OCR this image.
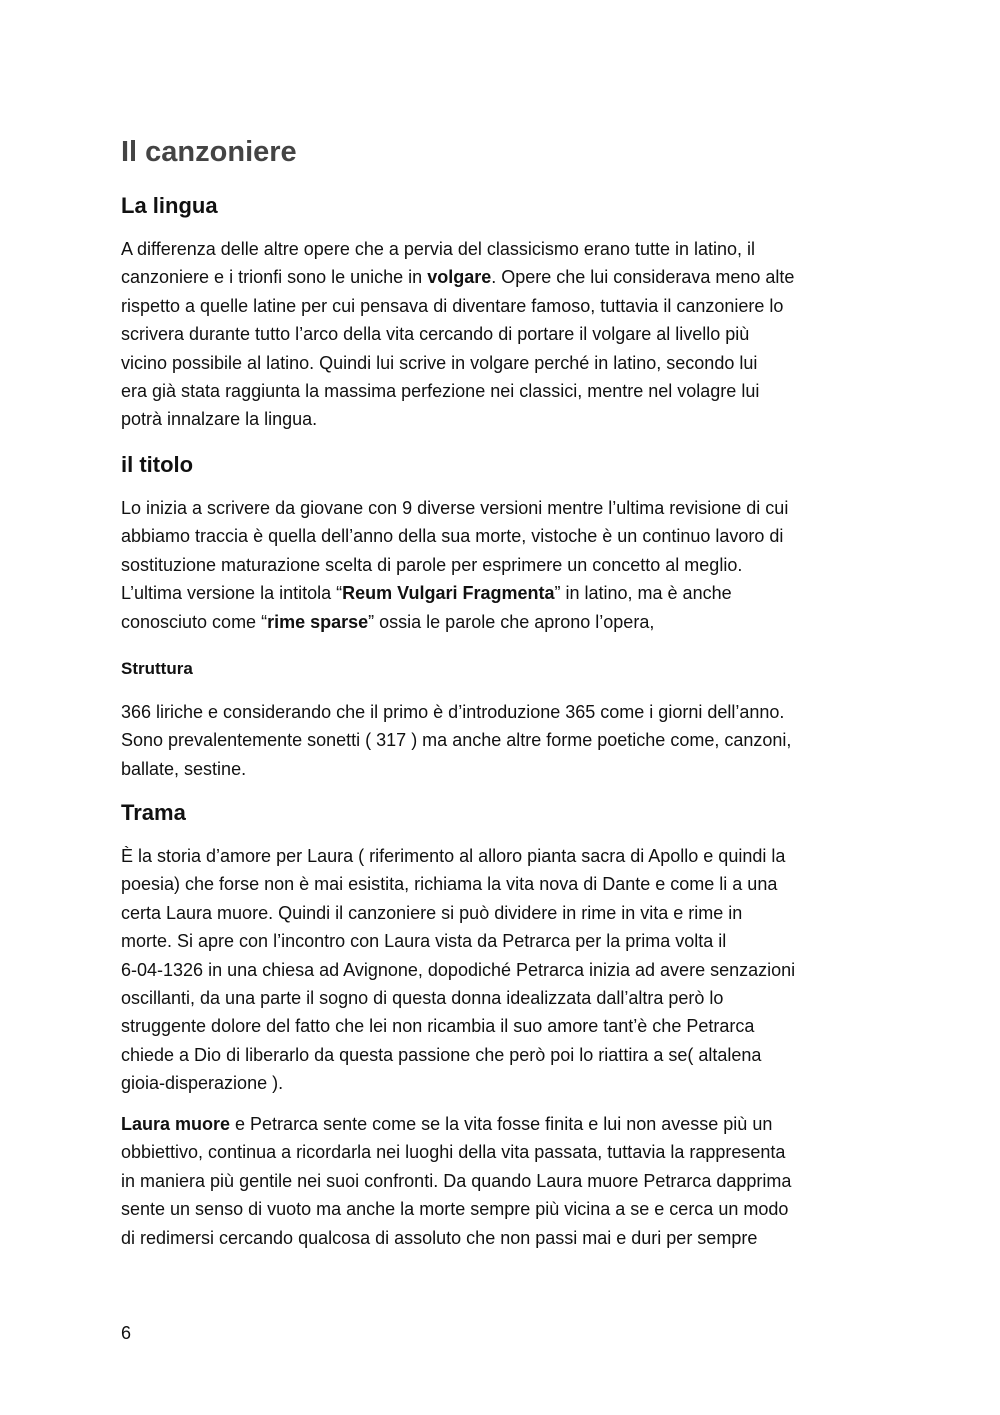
Il canzoniere
La lingua
A differenza delle altre opere che a pervia del classicismo erano tutte in latino, il
canzoniere e i trionfi sono le uniche in volgare. Opere che lui considerava meno alte
rispetto a quelle latine per cui pensava di diventare famoso, tuttavia il canzoniere lo
scrivera durante tutto l’arco della vita cercando di portare il volgare al livello più
vicino possibile al latino. Quindi lui scrive in volgare perché in latino, secondo lui
era già stata raggiunta la massima perfezione nei classici, mentre nel volagre lui
potrà innalzare la lingua.
il titolo
Lo inizia a scrivere da giovane con 9 diverse versioni mentre l’ultima revisione di cui
abbiamo traccia è quella dell’anno della sua morte, vistoche è un continuo lavoro di
sostituzione maturazione scelta di parole per esprimere un concetto al meglio.
L’ultima versione la intitola “Reum Vulgari Fragmenta” in latino, ma è anche
conosciuto come “rime sparse” ossia le parole che aprono l’opera,
Struttura
366 liriche e considerando che il primo è d’introduzione 365 come i giorni dell’anno.
Sono prevalentemente sonetti ( 317 ) ma anche altre forme poetiche come, canzoni,
ballate, sestine.
Trama
È la storia d’amore per Laura ( riferimento al alloro pianta sacra di Apollo e quindi la
poesia) che forse non è mai esistita, richiama la vita nova di Dante e come li a una
certa Laura muore. Quindi il canzoniere si può dividere in rime in vita e rime in
morte. Si apre con l’incontro con Laura vista da Petrarca per la prima volta il
6-04-1326 in una chiesa ad Avignone, dopodiché Petrarca inizia ad avere senzazioni
oscillanti, da una parte il sogno di questa donna idealizzata dall’altra però lo
struggente dolore del fatto che lei non ricambia il suo amore tant’è che Petrarca
chiede a Dio di liberarlo da questa passione che però poi lo riattira a se( altalena
gioia-disperazione ).
Laura muore e Petrarca sente come se la vita fosse finita e lui non avesse più un
obbiettivo, continua a ricordarla nei luoghi della vita passata, tuttavia la rappresenta
in maniera più gentile nei suoi confronti. Da quando Laura muore Petrarca dapprima
sente un senso di vuoto ma anche la morte sempre più vicina a se e cerca un modo
di redimersi cercando qualcosa di assoluto che non passi mai e duri per sempre
6
